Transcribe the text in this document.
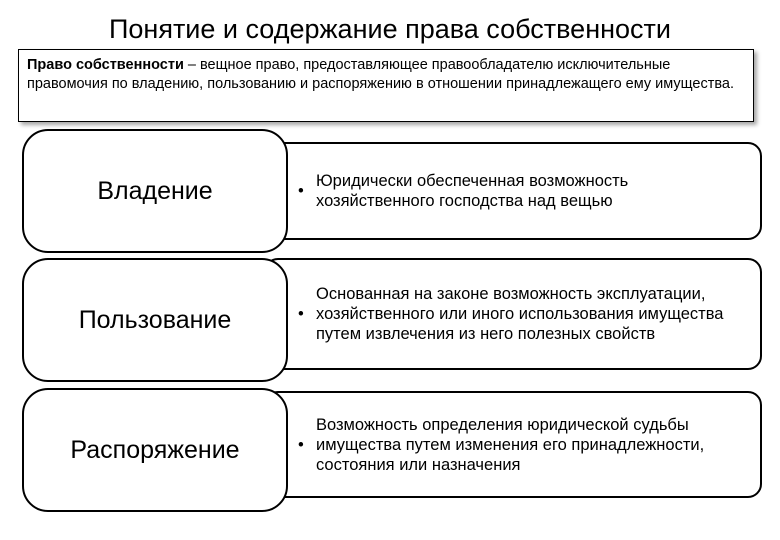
Понятие и содержание права собственности
Право собственности – вещное право, предоставляющее правообладателю исключительные правомочия по владению, пользованию и распоряжению в отношении принадлежащего ему имущества.
Владение	•
Юридически обеспеченная возможность хозяйственного господства над вещью
Пользование	•
Основанная на законе возможность эксплуатации, хозяйственного или иного использования имущества путем извлечения из него полезных свойств
Распоряжение	•
Возможность определения юридической судьбы имущества путем изменения его принадлежности, состояния или назначения
